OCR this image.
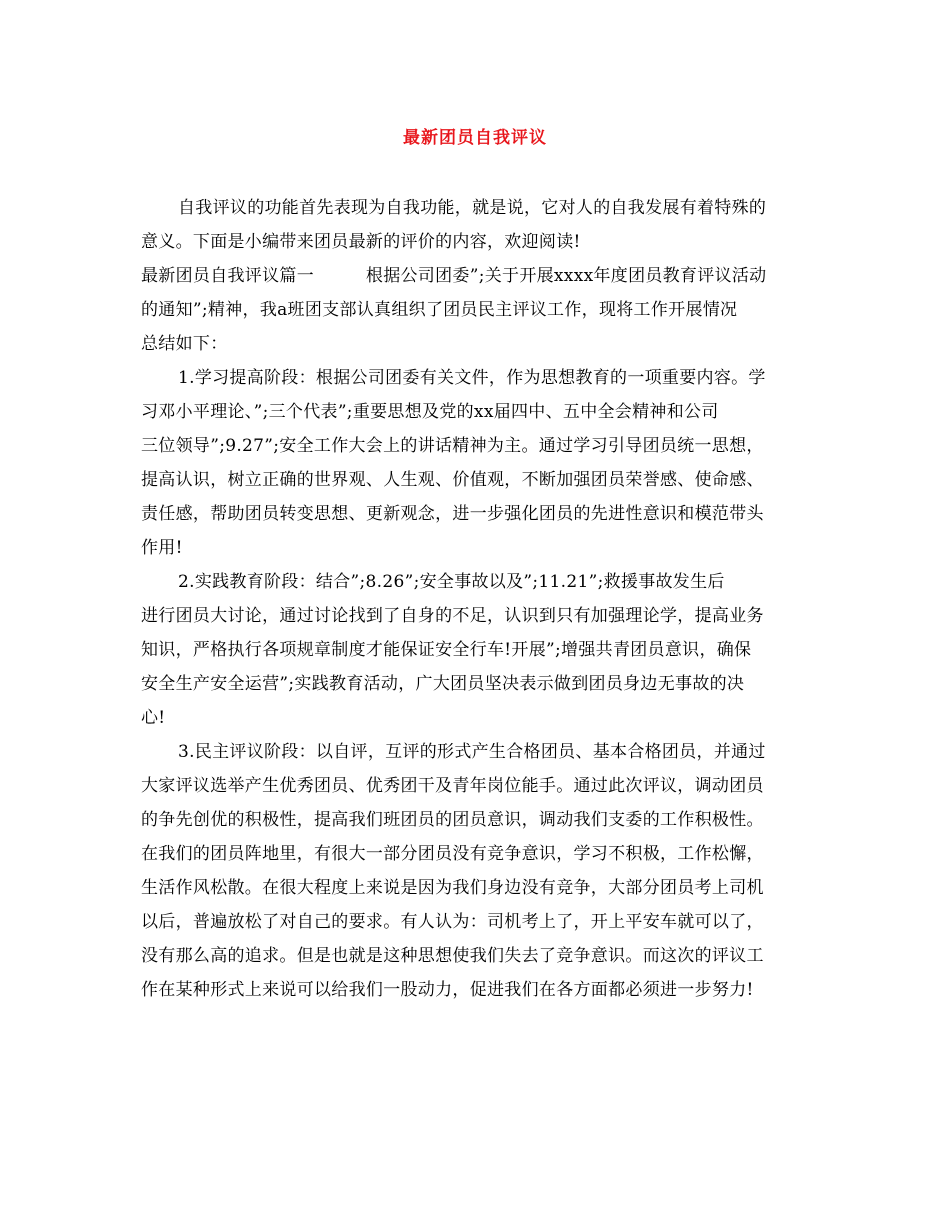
最新团员自我评议
自我评议的功能首先表现为自我功能，就是说，它对人的自我发展有着特殊的
意义。下面是小编带来团员最新的评价的内容，欢迎阅读!
最新团员自我评议篇一　　　根据公司团委”;关于开展xxxx年度团员教育评议活动
的通知”;精神，我a班团支部认真组织了团员民主评议工作，现将工作开展情况
总结如下：
1.学习提高阶段：根据公司团委有关文件，作为思想教育的一项重要内容。学
习邓小平理论、”;三个代表”;重要思想及党的xx届四中、五中全会精神和公司
三位领导”;9.27”;安全工作大会上的讲话精神为主。通过学习引导团员统一思想，
提高认识，树立正确的世界观、人生观、价值观，不断加强团员荣誉感、使命感、
责任感，帮助团员转变思想、更新观念，进一步强化团员的先进性意识和模范带头
作用!
2.实践教育阶段：结合”;8.26”;安全事故以及”;11.21”;救援事故发生后
进行团员大讨论，通过讨论找到了自身的不足，认识到只有加强理论学，提高业务
知识，严格执行各项规章制度才能保证安全行车!开展”;增强共青团员意识，确保
安全生产安全运营”;实践教育活动，广大团员坚决表示做到团员身边无事故的决
心!
3.民主评议阶段：以自评，互评的形式产生合格团员、基本合格团员，并通过
大家评议选举产生优秀团员、优秀团干及青年岗位能手。通过此次评议，调动团员
的争先创优的积极性，提高我们班团员的团员意识，调动我们支委的工作积极性。
在我们的团员阵地里，有很大一部分团员没有竞争意识，学习不积极，工作松懈，
生活作风松散。在很大程度上来说是因为我们身边没有竞争，大部分团员考上司机
以后，普遍放松了对自己的要求。有人认为：司机考上了，开上平安车就可以了，
没有那么高的追求。但是也就是这种思想使我们失去了竞争意识。而这次的评议工
作在某种形式上来说可以给我们一股动力，促进我们在各方面都必须进一步努力!
